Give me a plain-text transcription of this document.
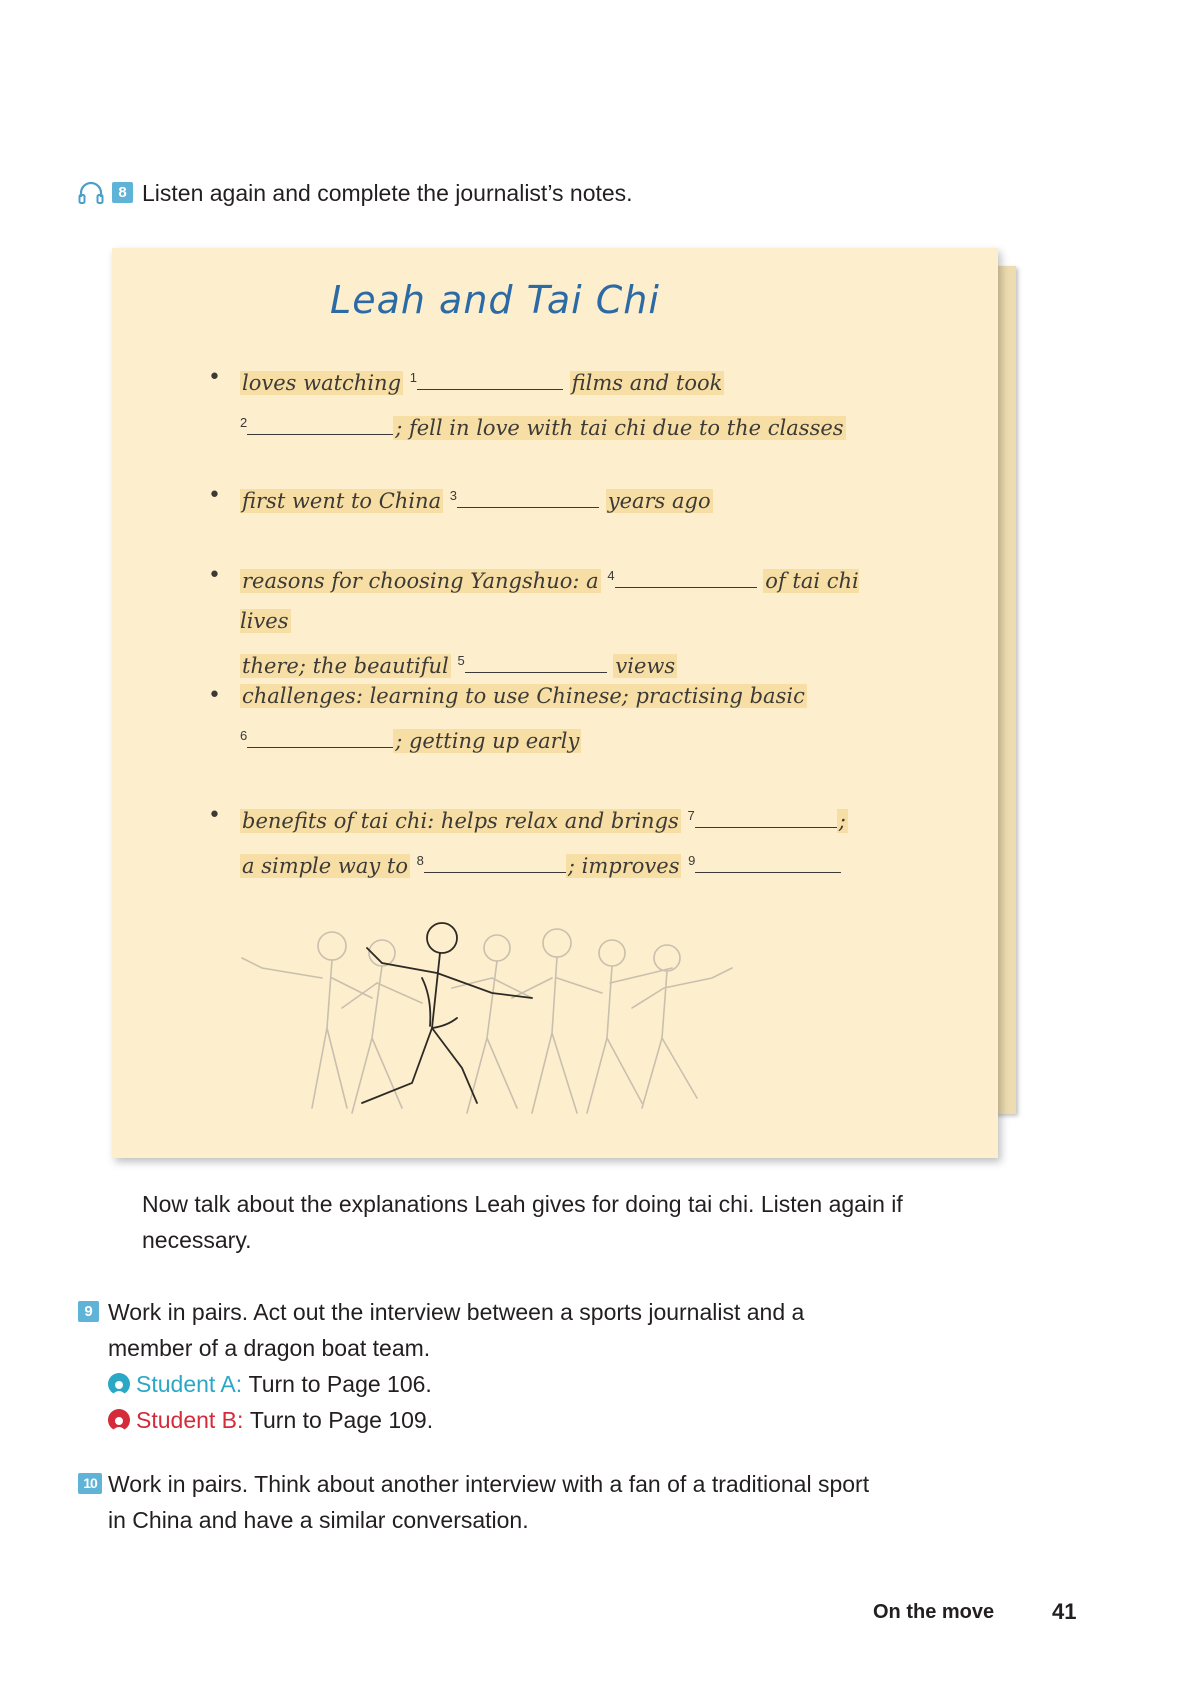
8 Listen again and complete the journalist’s notes.
Leah and Tai Chi
• loves watching $^1$	films and took
$^2$	; fell in love with tai chi due to the classes
• first went to China $^3$	years ago
• reasons for choosing Yangshuo: a $^4$	of tai chi lives
there; the beautiful $^5$	views
• challenges: learning to use Chinese; practising basic
$^6$	; getting up early
• benefits of tai chi: helps relax and brings $^7$	;
a simple way to $^8$	; improves $^9$
Now talk about the explanations Leah gives for doing tai chi. Listen again if necessary.
9 Work in pairs. Act out the interview between a sports journalist and a member of a dragon boat team.
Student A:
Turn to Page 106.
Student B:
Turn to Page 109.
10 Work in pairs. Think about another interview with a fan of a traditional sport in China and have a similar conversation.
On the move	41
